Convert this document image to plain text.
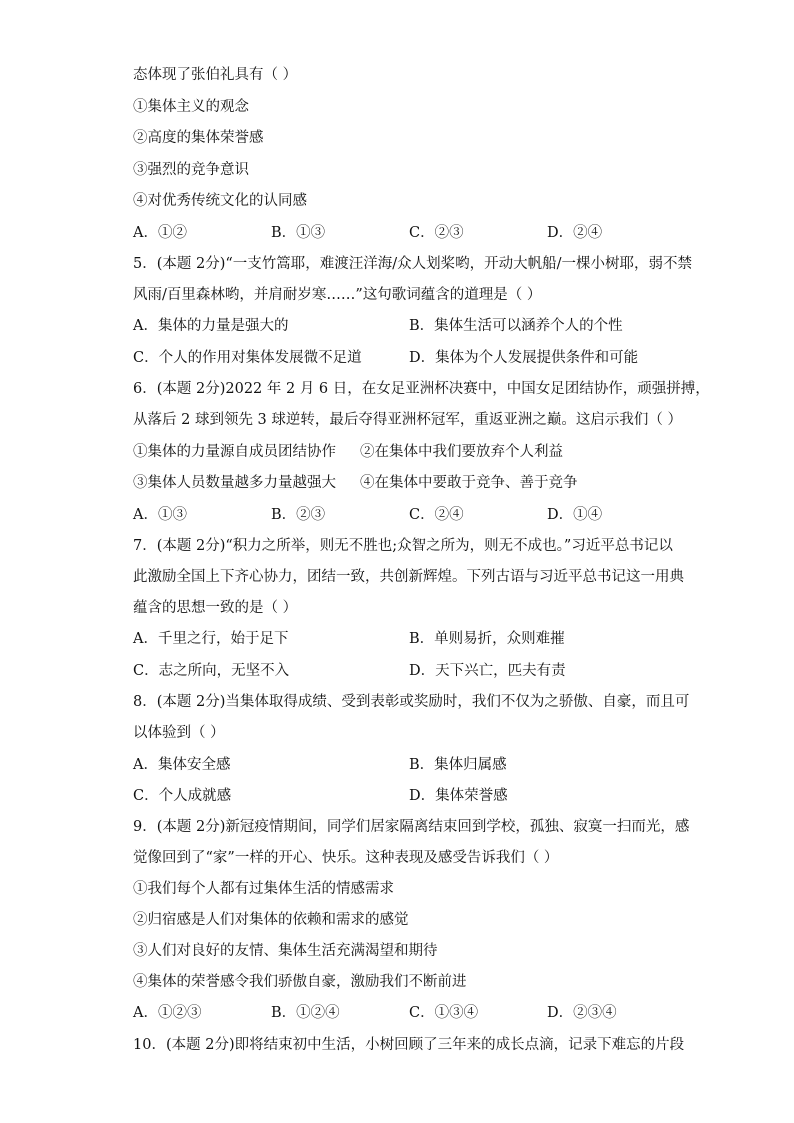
态体现了张伯礼具有（ ）
①集体主义的观念
②高度的集体荣誉感
③强烈的竞争意识
④对优秀传统文化的认同感
A．①②	B．①③	C．②③	D．②④
5．(本题 2分)“一支竹篙耶，难渡汪洋海/众人划桨哟，开动大帆船/一棵小树耶，弱不禁
风雨/百里森林哟，并肩耐岁寒……”这句歌词蕴含的道理是（ ）
A．集体的力量是强大的	B．集体生活可以涵养个人的个性
C．个人的作用对集体发展微不足道	D．集体为个人发展提供条件和可能
6．(本题 2分)2022 年 2 月 6 日，在女足亚洲杯决赛中，中国女足团结协作，顽强拼搏，
从落后 2 球到领先 3 球逆转，最后夺得亚洲杯冠军，重返亚洲之巅。这启示我们（ ）
①集体的力量源自成员团结协作 ②在集体中我们要放弃个人利益
③集体人员数量越多力量越强大 ④在集体中要敢于竞争、善于竞争
A．①③	B．②③	C．②④	D．①④
7．(本题 2分)“积力之所举，则无不胜也;众智之所为，则无不成也。”习近平总书记以
此激励全国上下齐心协力，团结一致，共创新辉煌。下列古语与习近平总书记这一用典
蕴含的思想一致的是（ ）
A．千里之行，始于足下	B．单则易折，众则难摧
C．志之所向，无坚不入	D．天下兴亡，匹夫有责
8．(本题 2分)当集体取得成绩、受到表彰或奖励时，我们不仅为之骄傲、自豪，而且可
以体验到（ ）
A．集体安全感	B．集体归属感
C．个人成就感	D．集体荣誉感
9．(本题 2分)新冠疫情期间，同学们居家隔离结束回到学校，孤独、寂寞一扫而光，感
觉像回到了“家”一样的开心、快乐。这种表现及感受告诉我们（ ）
①我们每个人都有过集体生活的情感需求
②归宿感是人们对集体的依赖和需求的感觉
③人们对良好的友情、集体生活充满渴望和期待
④集体的荣誉感令我们骄傲自豪，激励我们不断前进
A．①②③	B．①②④	C．①③④	D．②③④
10．(本题 2分)即将结束初中生活，小树回顾了三年来的成长点滴，记录下难忘的片段
